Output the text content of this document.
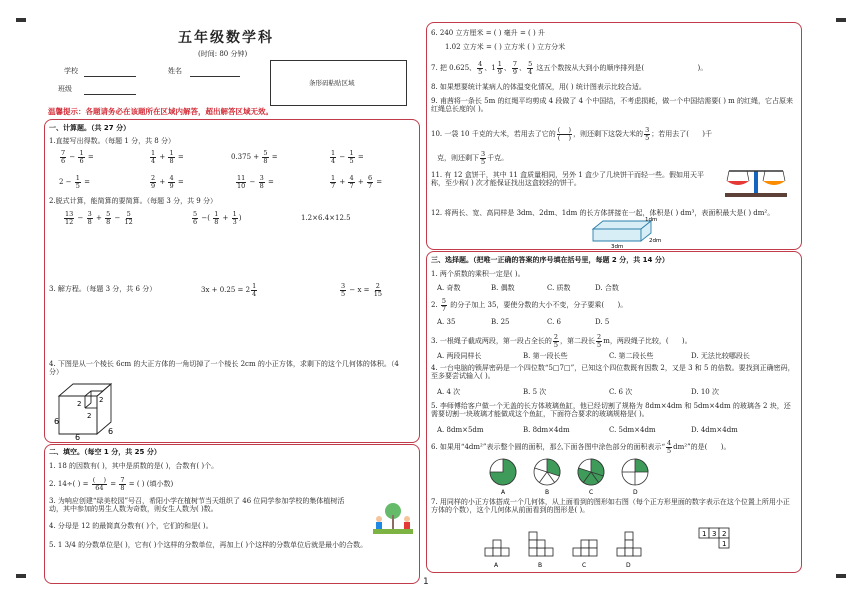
五年级数学科
(时间: 80 分钟)
学校	姓名
班级
条形码粘贴区域
温馨提示：各题请务必在该题所在区域内解答，超出解答区域无效。
一、计算题。（共 27 分）
1.直接写出得数。（每题 1 分，共 8 分）
$\frac{7}{6} - \frac{1}{6}$ =	$\frac{1}{4} + \frac{1}{8}$ =	$0.375 + \frac{5}{8}$ =	$\frac{1}{4} - \frac{1}{5}$ =
$2 - \frac{1}{5}$ =	$\frac{2}{9} + \frac{4}{9}$ =	$\frac{11}{10} - \frac{3}{8}$ =	$\frac{1}{7} + \frac{4}{7} + \frac{6}{7}$ =
2.脱式计算，能简算的要简算。（每题 3 分，共 9 分）
$\frac{13}{12} - \frac{3}{8} + \frac{5}{8} - \frac{5}{12}$	$\frac{5}{6}$ −( $\frac{1}{8} + \frac{1}{3}$ )	1.2×6.4×12.5
3. 解方程。（每题 3 分，共 6 分）	$3x + 0.25 = 2 \frac{1}{4}$	$\frac{3}{5} - x = \frac{2}{15}$
4. 下图是从一个棱长 6cm 的大正方体的一角切掉了一个棱长 2cm 的小正方体，求剩下的这个几何体的体积。（4 分）
6
6
6
2
2
2
二、填空。（每空 1 分，共 25 分）
1. 18 的因数有( )，其中是质数的是( )，合数有( )个。
2. 14÷( ) = $\frac{( )}{64} = \frac{7}{8}$ = ( ) (填小数)
3. 为响应创建“绿美校园”号召，希阳小学在植树节当天组织了 46 位同学参加学校的集体植树活动，其中参加的男生人数为奇数，则女生人数为( )数。
4. 分母是 12 的最简真分数有( )个，它们的和是( )。
5. 1 3/4 的分数单位是( )，它有( )个这样的分数单位，再加上( )个这样的分数单位后就是最小的合数。
6. 240 立方厘米 = ( ) 毫升 = ( ) 升
1.02 立方米 = ( ) 立方米 ( ) 立方分米
7. 把 0.625、 $\frac{4}{5}$ 、$1 \frac{1}{9}$ 、 $\frac{7}{9}$ 、 $\frac{5}{4}$ 这五个数按从大到小的顺序排列是(                        )。
8. 如果想要统计某病人的体温变化情况，用( ) 统计图表示比较合适。
9. 甫茜将一条长 5m 的红绳平均剪成 4 段做了 4 个中国结，不考虑损耗，做一个中国结需要( ) m 的红绳，它占原来红绳总长度的( )。
10. 一袋 10 千克的大米，若用去了它的 $\frac{( )}{( )}$ ，则还剩下这袋大米的 $\frac{3}{5}$ ；若用去了(      )千
克，则还剩下 $\frac{3}{5}$ 千克。
11. 有 12 盒饼干，其中 11 盒质量相同，另外 1 盒少了几块饼干而轻一些。假如用天平称，至少称( ) 次才能保证找出这盒较轻的饼干。
12. 将两长、宽、高同样是 3dm、2dm、1dm 的长方体拼接在一起，体积是( ) dm³，表面积最大是( ) dm²。
3dm
1dm
2dm
三、选择题。（把唯一正确的答案的序号填在括号里，每题 2 分，共 14 分）
1. 两个质数的乘积一定是( )。
A. 奇数	B. 偶数	C. 质数	D. 合数
2. $\frac{5}{7}$ 的分子加上 35，要使分数的大小不变，分子要乘(      )。
A. 35	B. 25	C. 6	D. 5
3. 一根绳子截成两段，第一段占全长的 $\frac{2}{5}$ ，第二段长 $\frac{2}{5}$ m，两段绳子比较，(      )。
A. 两段同样长	B. 第一段长些	C. 第二段长些	D. 无法比较哪段长
4. 一台电脑的锁屏密码是一个四位数“5□7□”，已知这个四位数既有因数 2，又是 3 和 5 的倍数。要找到正确密码，至多要尝试输入( )。
A. 4 次	B. 5 次	C. 6 次	D. 10 次
5. 李师傅给客户做一个无盖的长方体玻璃鱼缸，他已经切割了规格为 8dm×4dm 和 5dm×4dm 的玻璃各 2 块，还需要切割一块玻璃才能做成这个鱼缸，下面符合要求的玻璃规格是( )。
A. 8dm×5dm	B. 8dm×4dm	C. 5dm×4dm	D. 4dm×4dm
6. 如果用“4dm²”表示整个圆的面积，那么下面各图中涂色部分的面积表示“ $\frac{4}{5} dm^2$”的是(      )。
A	B	C	D
7. 用同样的小正方体搭成一个几何体，从上面看到的图形如右图（每个正方形里面的数字表示在这个位置上所用小正方体的个数），这个几何体从前面看到的图形是( )。
1 3 2
1
A	B	C	D
1
